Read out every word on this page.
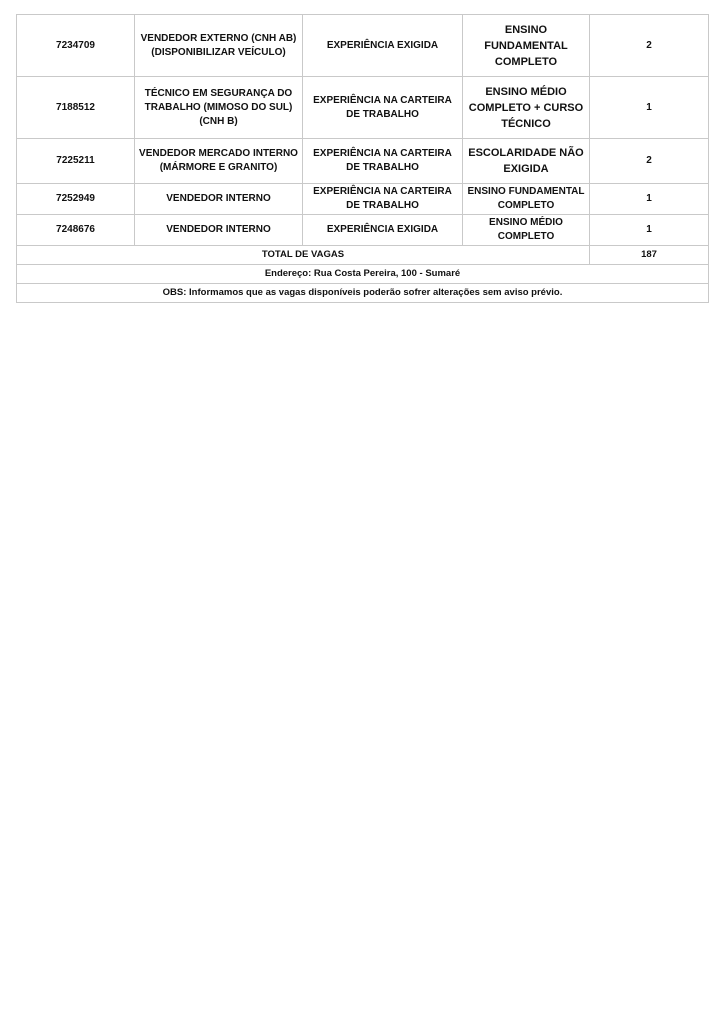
7234709	VENDEDOR EXTERNO (CNH AB) (DISPONIBILIZAR VEÍCULO)	EXPERIÊNCIA EXIGIDA	ENSINO FUNDAMENTAL COMPLETO	2
7188512	TÉCNICO EM SEGURANÇA DO TRABALHO (MIMOSO DO SUL) (CNH B)	EXPERIÊNCIA NA CARTEIRA DE TRABALHO	ENSINO MÉDIO COMPLETO + CURSO TÉCNICO	1
7225211	VENDEDOR MERCADO INTERNO (MÁRMORE E GRANITO)	EXPERIÊNCIA NA CARTEIRA DE TRABALHO	ESCOLARIDADE NÃO EXIGIDA	2
7252949	VENDEDOR INTERNO	EXPERIÊNCIA NA CARTEIRA DE TRABALHO	ENSINO FUNDAMENTAL COMPLETO	1
7248676	VENDEDOR INTERNO	EXPERIÊNCIA EXIGIDA	ENSINO MÉDIO COMPLETO	1
TOTAL DE VAGAS				187
Endereço: Rua Costa Pereira, 100 - Sumaré				
OBS: Informamos que as vagas disponíveis poderão sofrer alterações sem aviso prévio.				
